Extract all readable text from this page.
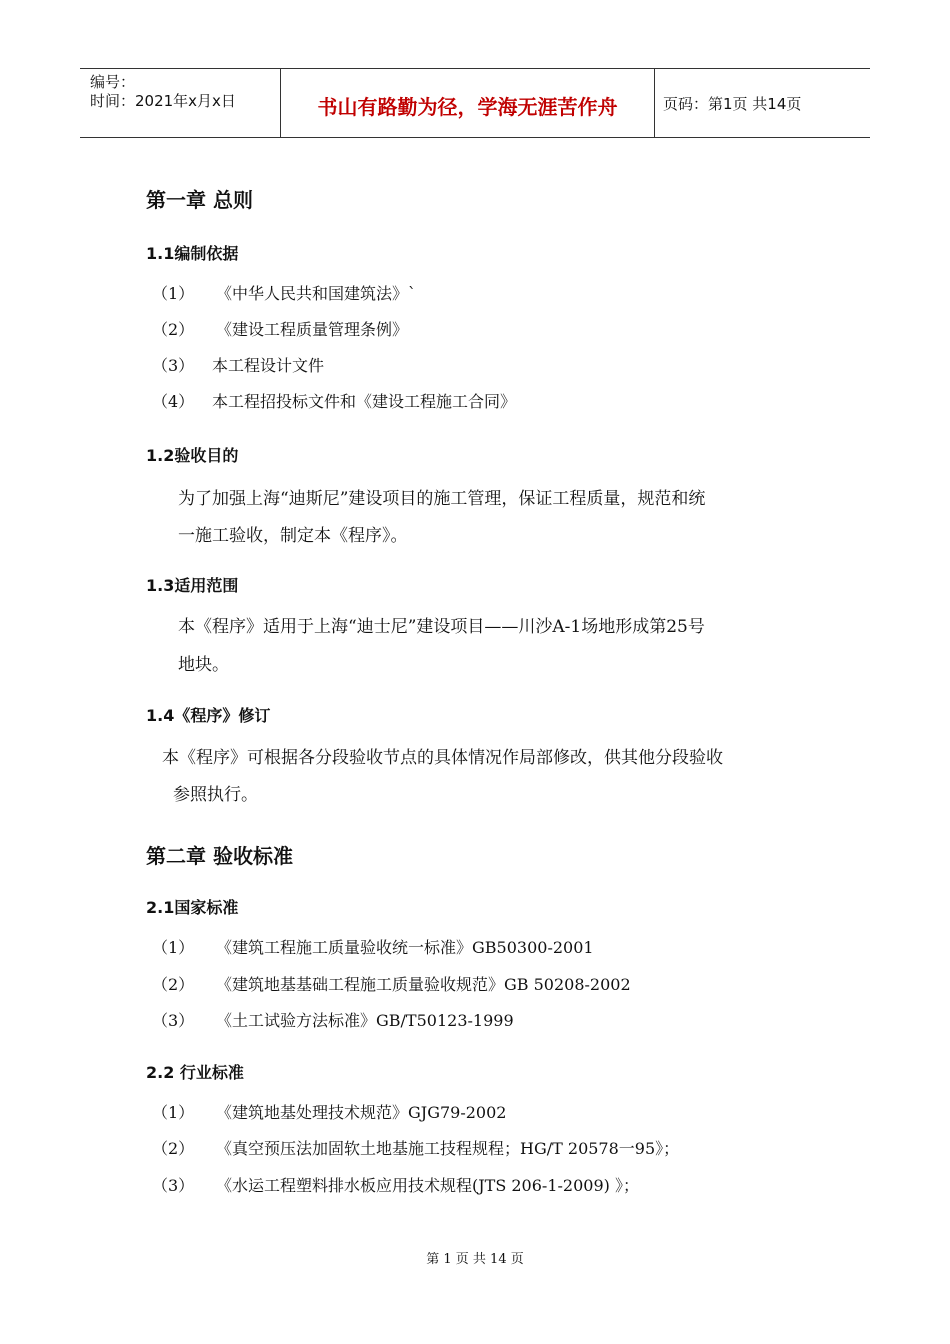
编号：
时间：2021年x月x日	书山有路勤为径，学海无涯苦作舟	页码：第1页 共14页
第一章 总则
1.1编制依据
（1） 《中华人民共和国建筑法》`
（2） 《建设工程质量管理条例》
（3） 本工程设计文件
（4） 本工程招投标文件和《建设工程施工合同》
1.2验收目的
为了加强上海“迪斯尼”建设项目的施工管理，保证工程质量，规范和统
一施工验收，制定本《程序》。
1.3适用范围
本《程序》适用于上海“迪士尼”建设项目——川沙A-1场地形成第25号
地块。
1.4《程序》修订
本《程序》可根据各分段验收节点的具体情况作局部修改，供其他分段验收
参照执行。
第二章 验收标准
2.1国家标准
（1） 《建筑工程施工质量验收统一标准》GB50300-2001
（2） 《建筑地基基础工程施工质量验收规范》GB 50208-2002
（3） 《土工试验方法标准》GB/T50123-1999
2.2 行业标准
（1） 《建筑地基处理技术规范》GJG79-2002
（2） 《真空预压法加固软土地基施工技程规程；HG/T 20578一95》；
（3） 《水运工程塑料排水板应用技术规程(JTS 206-1-2009) 》；
第 1 页 共 14 页
